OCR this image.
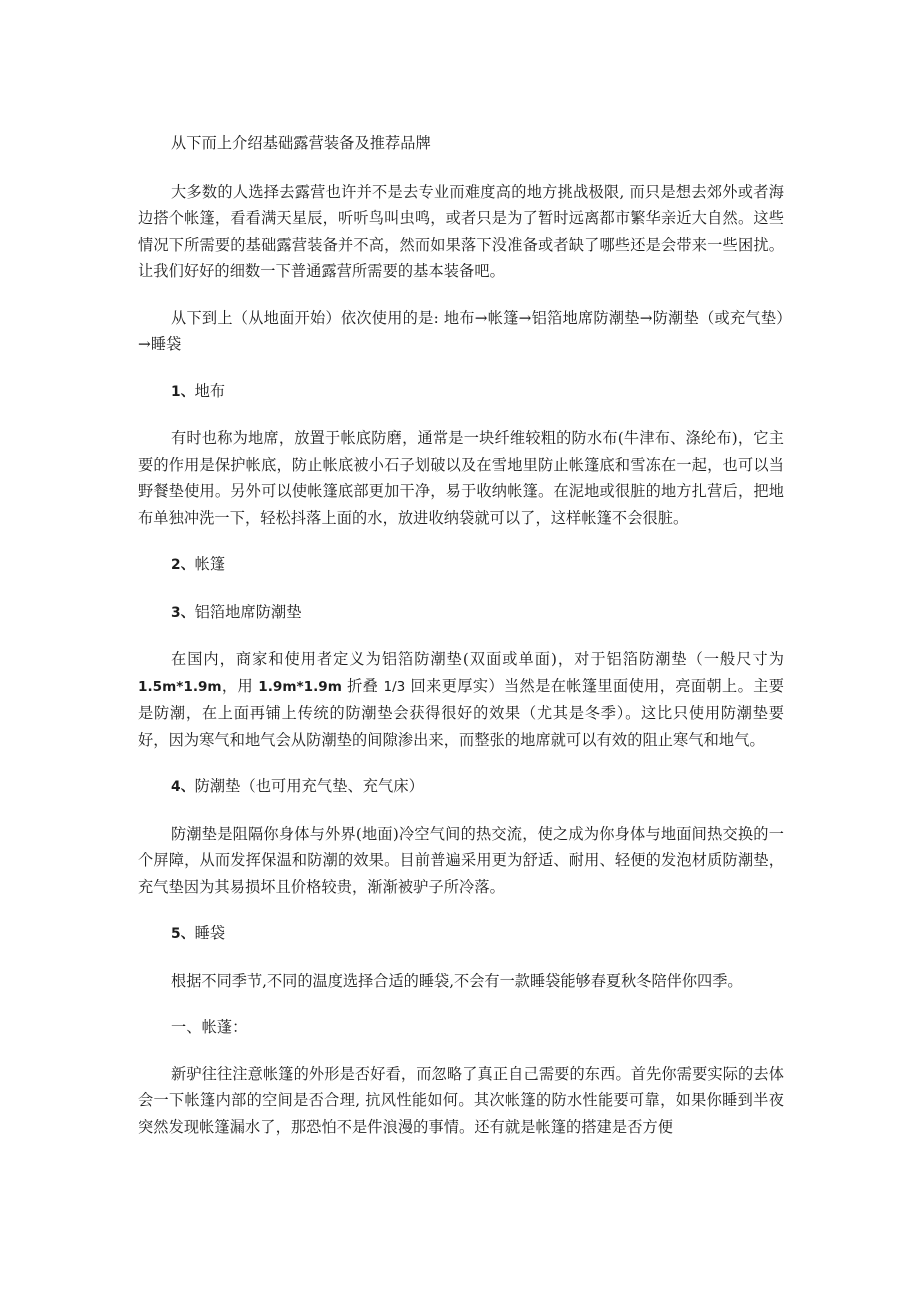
从下而上介绍基础露营装备及推荐品牌

大多数的人选择去露营也许并不是去专业而难度高的地方挑战极限, 而只是想去郊外或者海边搭个帐篷，看看满天星辰，听听鸟叫虫鸣，或者只是为了暂时远离都市繁华亲近大自然。这些情况下所需要的基础露营装备并不高，然而如果落下没准备或者缺了哪些还是会带来一些困扰。让我们好好的细数一下普通露营所需要的基本装备吧。

从下到上（从地面开始）依次使用的是: 地布→帐篷→铝箔地席防潮垫→防潮垫（或充气垫）→睡袋

1、地布

有时也称为地席，放置于帐底防磨，通常是一块纤维较粗的防水布(牛津布、涤纶布)，它主要的作用是保护帐底，防止帐底被小石子划破以及在雪地里防止帐篷底和雪冻在一起，也可以当野餐垫使用。另外可以使帐篷底部更加干净，易于收纳帐篷。在泥地或很脏的地方扎营后，把地布单独冲洗一下，轻松抖落上面的水，放进收纳袋就可以了，这样帐篷不会很脏。

2、帐篷

3、铝箔地席防潮垫

在国内，商家和使用者定义为铝箔防潮垫(双面或单面)，对于铝箔防潮垫（一般尺寸为 1.5m*1.9m，用 1.9m*1.9m 折叠 1/3 回来更厚实）当然是在帐篷里面使用，亮面朝上。主要是防潮，在上面再铺上传统的防潮垫会获得很好的效果（尤其是冬季）。这比只使用防潮垫要好，因为寒气和地气会从防潮垫的间隙渗出来，而整张的地席就可以有效的阻止寒气和地气。

4、防潮垫（也可用充气垫、充气床）

防潮垫是阻隔你身体与外界(地面)冷空气间的热交流，使之成为你身体与地面间热交换的一个屏障，从而发挥保温和防潮的效果。目前普遍采用更为舒适、耐用、轻便的发泡材质防潮垫，充气垫因为其易损坏且价格较贵，渐渐被驴子所冷落。

5、睡袋

根据不同季节,不同的温度选择合适的睡袋,不会有一款睡袋能够春夏秋冬陪伴你四季。

一、帐蓬：

新驴往往注意帐篷的外形是否好看，而忽略了真正自己需要的东西。首先你需要实际的去体会一下帐篷内部的空间是否合理, 抗风性能如何。其次帐篷的防水性能要可靠，如果你睡到半夜突然发现帐篷漏水了，那恐怕不是件浪漫的事情。还有就是帐篷的搭建是否方便
